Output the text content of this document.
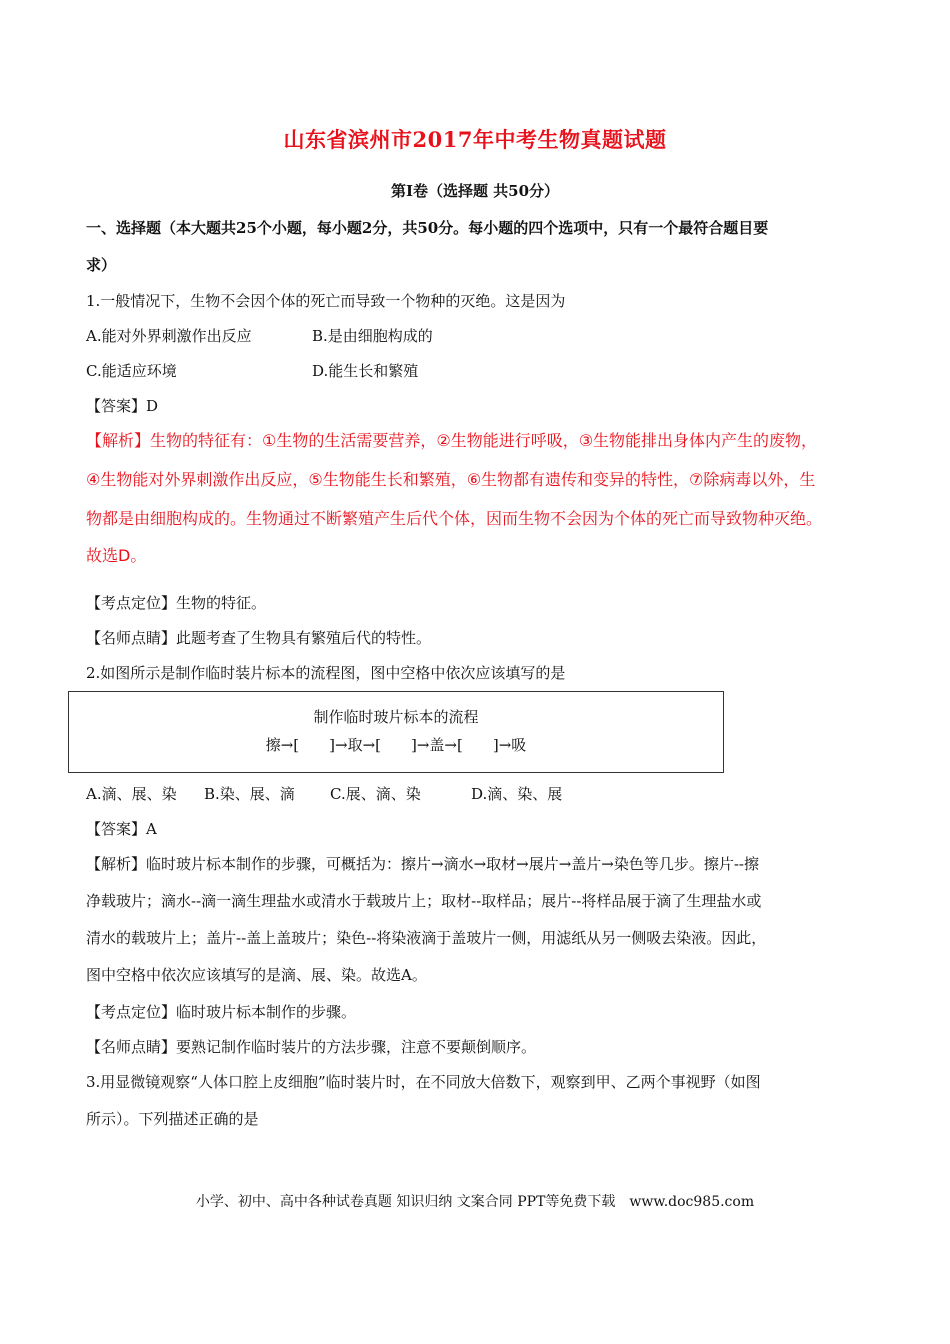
山东省滨州市2017年中考生物真题试题
第Ⅰ卷（选择题 共50分）
一、选择题（本大题共25个小题，每小题2分，共50分。每小题的四个选项中，只有一个最符合题目要
求）
1.一般情况下，生物不会因个体的死亡而导致一个物种的灭绝。这是因为
A.能对外界刺激作出反应	B.是由细胞构成的
C.能适应环境	D.能生长和繁殖
【答案】D
【解析】生物的特征有：①生物的生活需要营养，②生物能进行呼吸，③生物能排出身体内产生的废物，
④生物能对外界刺激作出反应，⑤生物能生长和繁殖，⑥生物都有遗传和变异的特性，⑦除病毒以外，生
物都是由细胞构成的。生物通过不断繁殖产生后代个体，因而生物不会因为个体的死亡而导致物种灭绝。
故选D。
【考点定位】生物的特征。
【名师点睛】此题考查了生物具有繁殖后代的特性。
2.如图所示是制作临时装片标本的流程图，图中空格中依次应该填写的是
制作临时玻片标本的流程
擦→[　　]→取→[　　]→盖→[　　]→吸
A.滴、展、染 B.染、展、滴 C.展、滴、染	D.滴、染、展
【答案】A
【解析】临时玻片标本制作的步骤，可概括为：擦片→滴水→取材→展片→盖片→染色等几步。擦片--擦
净载玻片；滴水--滴一滴生理盐水或清水于载玻片上；取材--取样品；展片--将样品展于滴了生理盐水或
清水的载玻片上；盖片--盖上盖玻片；染色--将染液滴于盖玻片一侧，用滤纸从另一侧吸去染液。因此，
图中空格中依次应该填写的是滴、展、染。故选A。
【考点定位】临时玻片标本制作的步骤。
【名师点睛】要熟记制作临时装片的方法步骤，注意不要颠倒顺序。
3.用显微镜观察“人体口腔上皮细胞”临时装片时，在不同放大倍数下，观察到甲、乙两个事视野（如图
所示）。下列描述正确的是
小学、初中、高中各种试卷真题 知识归纳 文案合同 PPT等免费下载　www.doc985.com
